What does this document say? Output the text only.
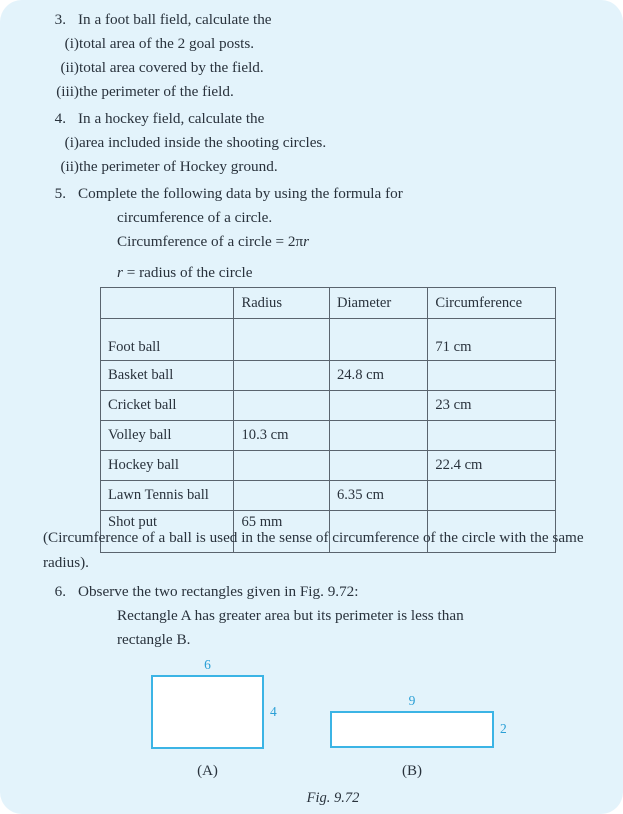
3. In a foot ball field, calculate the
(i) total area of the 2 goal posts.
(ii) total area covered by the field.
(iii) the perimeter of the field.
4. In a hockey field, calculate the
(i) area included inside the shooting circles.
(ii) the perimeter of Hockey ground.
5. Complete the following data by using the formula for
circumference of a circle.
Circumference of a circle = 2πr
r = radius of the circle
	Radius	Diameter	Circumference
Foot ball			71 cm
Basket ball		24.8 cm	
Cricket ball			23 cm
Volley ball	10.3 cm		
Hockey ball			22.4 cm
Lawn Tennis ball		6.35 cm	
Shot put	65 mm		
(Circumference of a ball is used in the sense of circumference of the circle with the same radius).
6. Observe the two rectangles given in Fig. 9.72:
Rectangle A has greater area but its perimeter is less than
rectangle B.
6
4
(A)
9
2
(B)
Fig. 9.72
